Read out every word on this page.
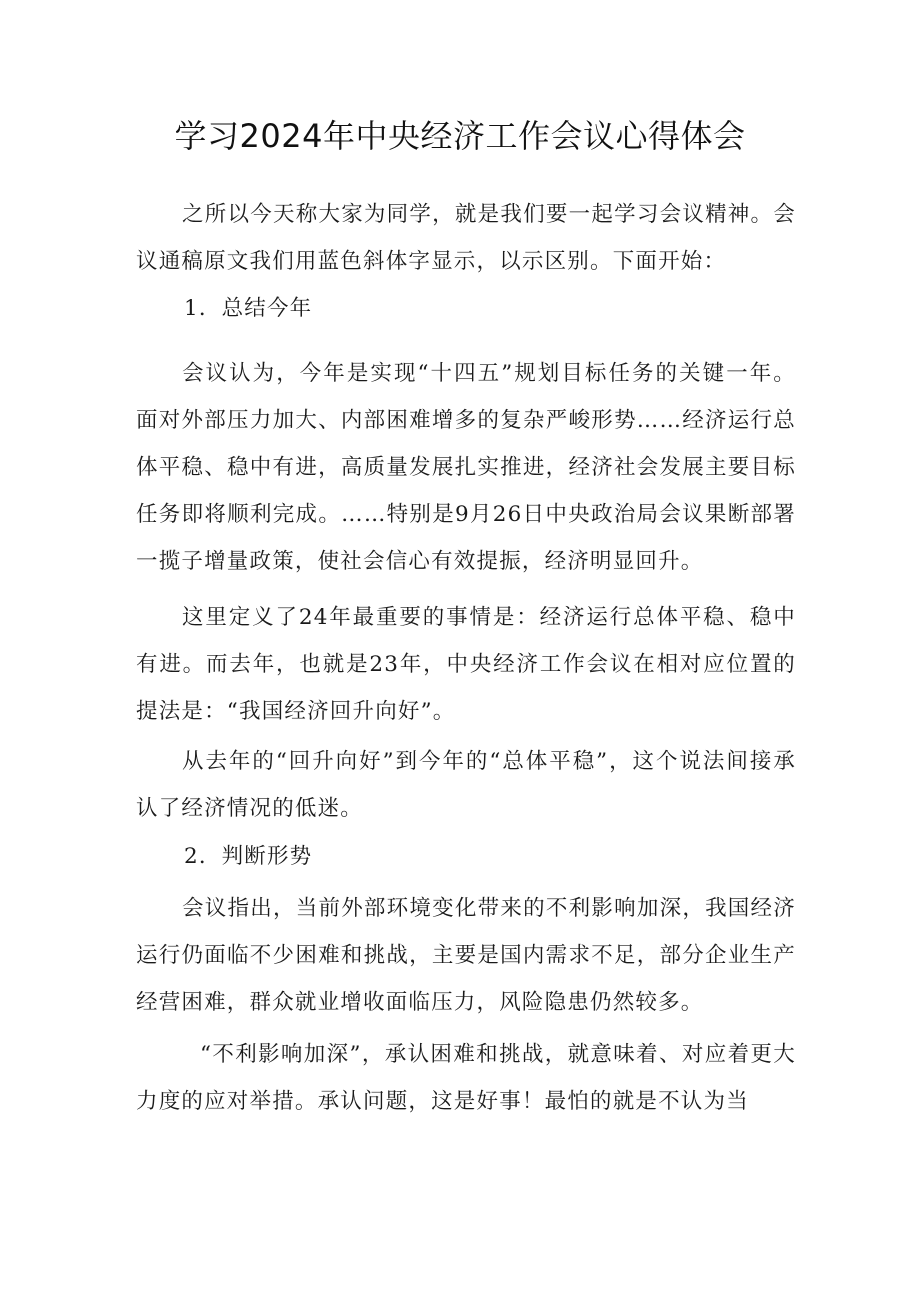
学习2024年中央经济工作会议心得体会

之所以今天称大家为同学，就是我们要一起学习会议精神。会议通稿原文我们用蓝色斜体字显示，以示区别。下面开始：

1．总结今年

会议认为，今年是实现“十四五”规划目标任务的关键一年。面对外部压力加大、内部困难增多的复杂严峻形势……经济运行总体平稳、稳中有进，高质量发展扎实推进，经济社会发展主要目标任务即将顺利完成。……特别是9月26日中央政治局会议果断部署一揽子增量政策，使社会信心有效提振，经济明显回升。

这里定义了24年最重要的事情是：经济运行总体平稳、稳中有进。而去年，也就是23年，中央经济工作会议在相对应位置的提法是：“我国经济回升向好”。

从去年的“回升向好”到今年的“总体平稳”，这个说法间接承认了经济情况的低迷。

2．判断形势

会议指出，当前外部环境变化带来的不利影响加深，我国经济运行仍面临不少困难和挑战，主要是国内需求不足，部分企业生产经营困难，群众就业增收面临压力，风险隐患仍然较多。

“不利影响加深”，承认困难和挑战，就意味着、对应着更大力度的应对举措。承认问题，这是好事！最怕的就是不认为当
